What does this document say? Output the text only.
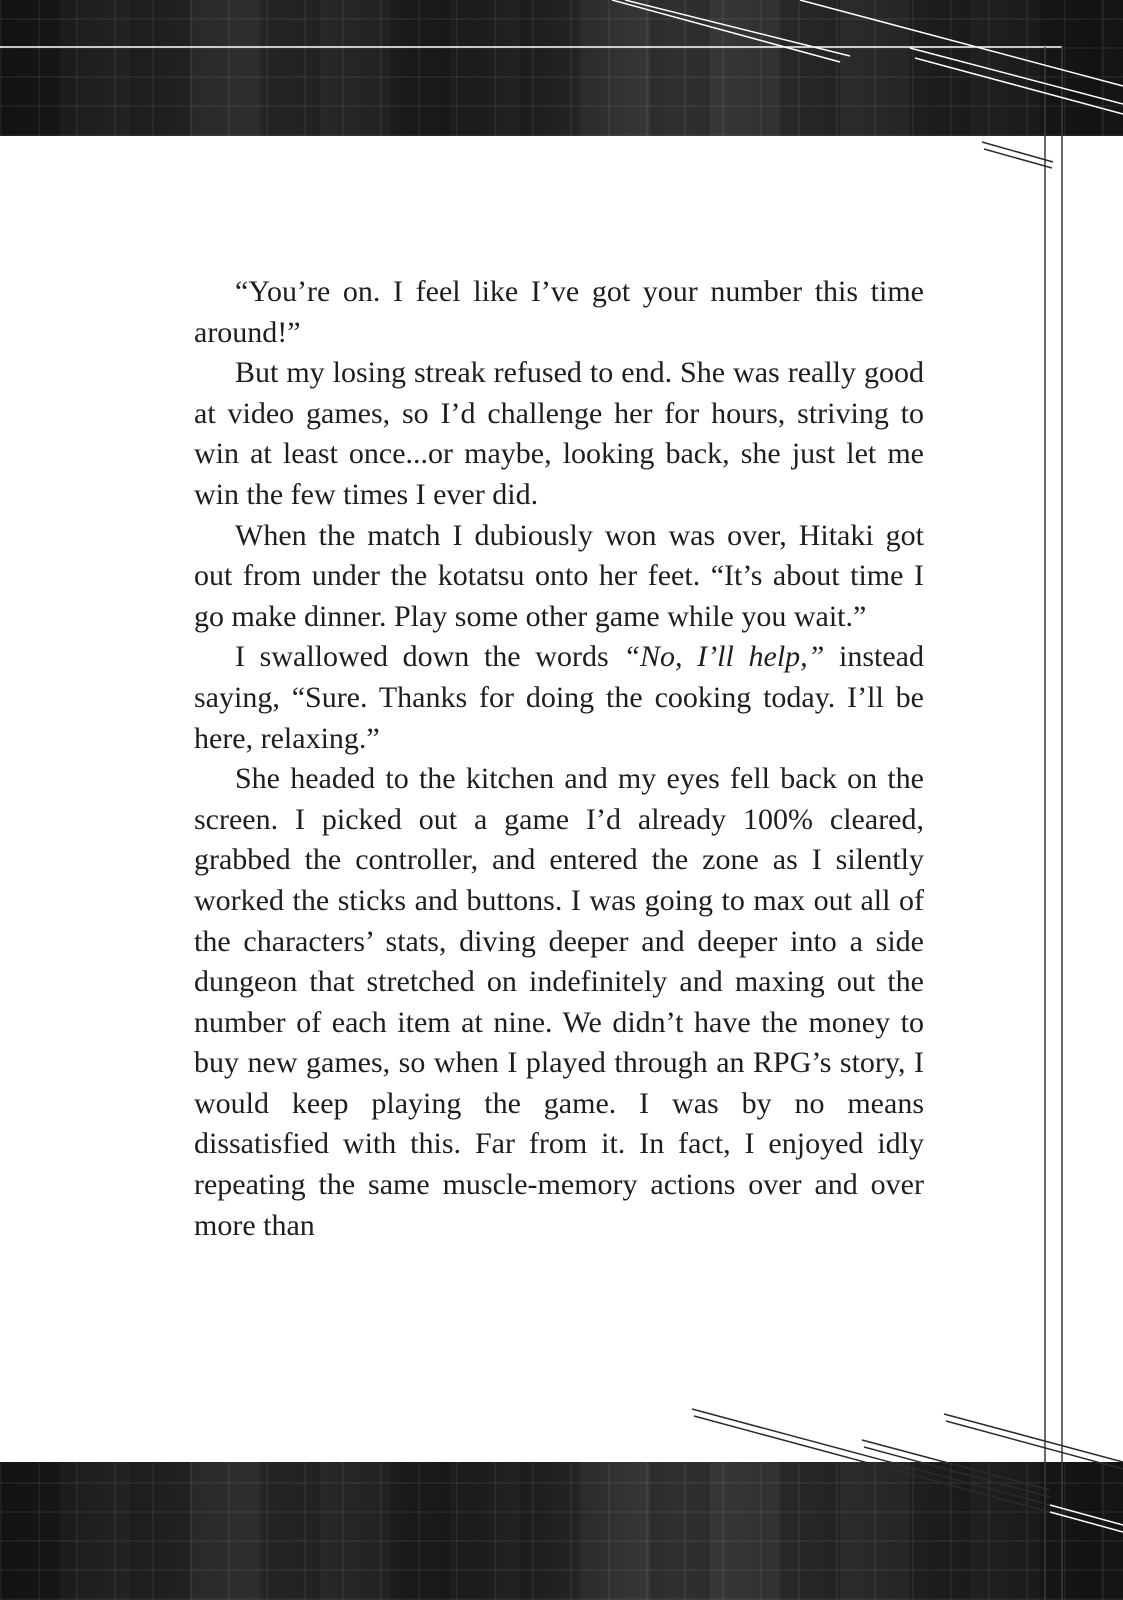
“You’re on. I feel like I’ve got your number this time around!”

But my losing streak refused to end. She was really good at video games, so I’d challenge her for hours, striving to win at least once...or maybe, looking back, she just let me win the few times I ever did.

When the match I dubiously won was over, Hitaki got out from under the kotatsu onto her feet. “It’s about time I go make dinner. Play some other game while you wait.”

I swallowed down the words “No, I’ll help,” instead saying, “Sure. Thanks for doing the cooking today. I’ll be here, relaxing.”

She headed to the kitchen and my eyes fell back on the screen. I picked out a game I’d already 100% cleared, grabbed the controller, and entered the zone as I silently worked the sticks and buttons. I was going to max out all of the characters’ stats, diving deeper and deeper into a side dungeon that stretched on indefinitely and maxing out the number of each item at nine. We didn’t have the money to buy new games, so when I played through an RPG’s story, I would keep playing the game. I was by no means dissatisfied with this. Far from it. In fact, I enjoyed idly repeating the same muscle-memory actions over and over more than
